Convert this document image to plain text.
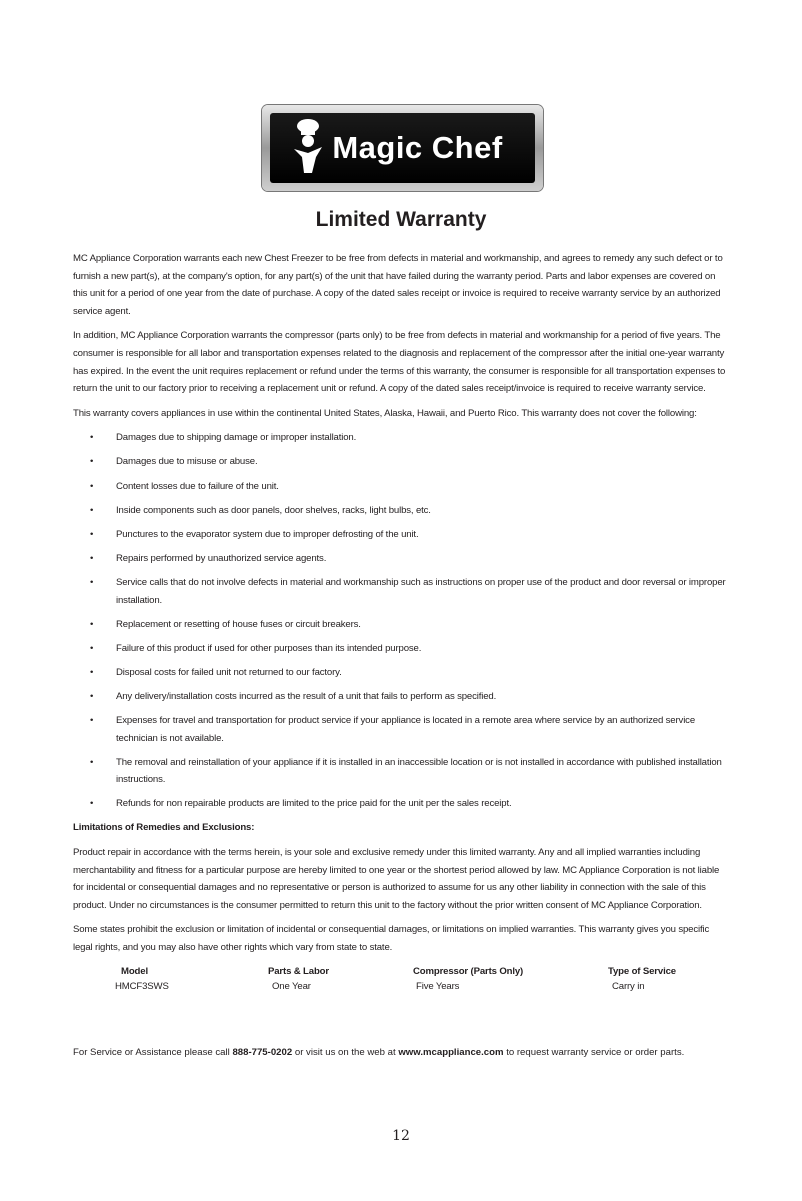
Magic Chef
Limited Warranty

MC Appliance Corporation warrants each new Chest Freezer to be free from defects in material and workmanship, and agrees to remedy any such defect or to furnish a new part(s), at the company's option, for any part(s) of the unit that have failed during the warranty period. Parts and labor expenses are covered on this unit for a period of one year from the date of purchase. A copy of the dated sales receipt or invoice is required to receive warranty service by an authorized service agent.

In addition, MC Appliance Corporation warrants the compressor (parts only) to be free from defects in material and workmanship for a period of five years. The consumer is responsible for all labor and transportation expenses related to the diagnosis and replacement of the compressor after the initial one-year warranty has expired. In the event the unit requires replacement or refund under the terms of this warranty, the consumer is responsible for all transportation expenses to return the unit to our factory prior to receiving a replacement unit or refund. A copy of the dated sales receipt/invoice is required to receive warranty service.

This warranty covers appliances in use within the continental United States, Alaska, Hawaii, and Puerto Rico. This warranty does not cover the following:

• Damages due to shipping damage or improper installation.
• Damages due to misuse or abuse.
• Content losses due to failure of the unit.
• Inside components such as door panels, door shelves, racks, light bulbs, etc.
• Punctures to the evaporator system due to improper defrosting of the unit.
• Repairs performed by unauthorized service agents.
• Service calls that do not involve defects in material and workmanship such as instructions on proper use of the product and door reversal or improper installation.
• Replacement or resetting of house fuses or circuit breakers.
• Failure of this product if used for other purposes than its intended purpose.
• Disposal costs for failed unit not returned to our factory.
• Any delivery/installation costs incurred as the result of a unit that fails to perform as specified.
• Expenses for travel and transportation for product service if your appliance is located in a remote area where service by an authorized service technician is not available.
• The removal and reinstallation of your appliance if it is installed in an inaccessible location or is not installed in accordance with published installation instructions.
• Refunds for non repairable products are limited to the price paid for the unit per the sales receipt.
Limitations of Remedies and Exclusions:

Product repair in accordance with the terms herein, is your sole and exclusive remedy under this limited warranty. Any and all implied warranties including merchantability and fitness for a particular purpose are hereby limited to one year or the shortest period allowed by law. MC Appliance Corporation is not liable for incidental or consequential damages and no representative or person is authorized to assume for us any other liability in connection with the sale of this product. Under no circumstances is the consumer permitted to return this unit to the factory without the prior written consent of MC Appliance Corporation.

Some states prohibit the exclusion or limitation of incidental or consequential damages, or limitations on implied warranties. This warranty gives you specific legal rights, and you may also have other rights which vary from state to state.

Model	Parts & Labor	Compressor (Parts Only)	Type of Service
HMCF3SWS	One Year	Five Years	Carry in
For Service or Assistance please call 888-775-0202 or visit us on the web at www.mcappliance.com to request warranty service or order parts.
12
